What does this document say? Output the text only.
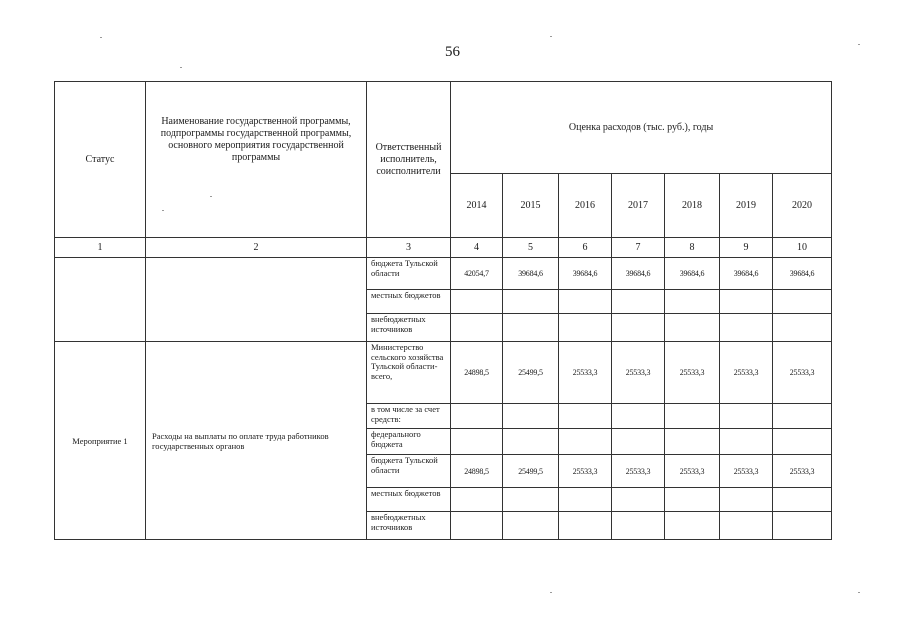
56
Статус	Наименование государственной программы, подпрограммы государственной программы, основного мероприятия государственной программы	Ответственный исполнитель, соисполнители	Оценка расходов (тыс. руб.), годы						
			2014	2015	2016	2017	2018	2019	2020
1	2	3	4	5	6	7	8	9	10
		бюджета Тульской области	42054,7	39684,6	39684,6	39684,6	39684,6	39684,6	39684,6
		местных бюджетов							
		внебюджетных источников							
Мероприятие 1	Расходы на выплаты по оплате труда работников государственных органов	Министерство сельского хозяйства Тульской области- всего,	24898,5	25499,5	25533,3	25533,3	25533,3	25533,3	25533,3
		в том числе за счет средств:							
		федерального бюджета							
		бюджета Тульской области	24898,5	25499,5	25533,3	25533,3	25533,3	25533,3	25533,3
		местных бюджетов							
		внебюджетных источников							
